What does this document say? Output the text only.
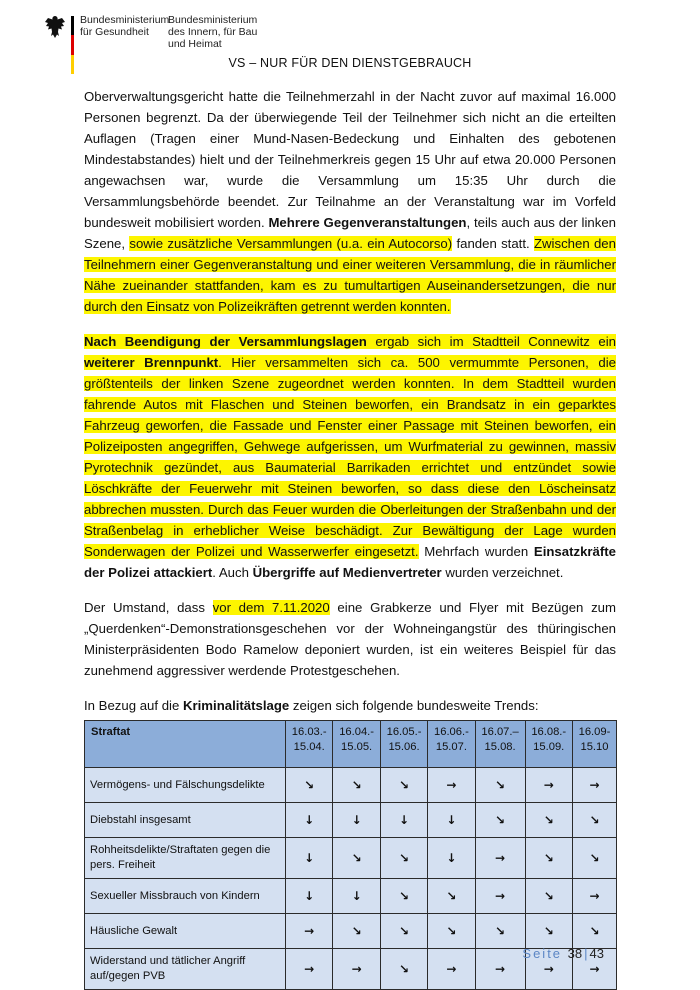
Bundesministerium
für Gesundheit
Bundesministerium
des Innern, für Bau
und Heimat
VS – NUR FÜR DEN DIENSTGEBRAUCH

Oberverwaltungsgericht hatte die Teilnehmerzahl in der Nacht zuvor auf maximal 16.000 Personen begrenzt. Da der überwiegende Teil der Teilnehmer sich nicht an die erteilten Auflagen (Tragen einer Mund-Nasen-Bedeckung und Einhalten des gebotenen Mindestabstandes) hielt und der Teilnehmerkreis gegen 15 Uhr auf etwa 20.000 Personen angewachsen war, wurde die Versammlung um 15:35 Uhr durch die Versammlungsbehörde beendet. Zur Teilnahme an der Veranstaltung war im Vorfeld bundesweit mobilisiert worden. Mehrere Gegenveranstaltungen, teils auch aus der linken Szene, sowie zusätzliche Versammlungen (u.a. ein Autocorso) fanden statt. Zwischen den Teilnehmern einer Gegenveranstaltung und einer weiteren Versammlung, die in räumlicher Nähe zueinander stattfanden, kam es zu tumultartigen Auseinandersetzungen, die nur durch den Einsatz von Polizeikräften getrennt werden konnten.

Nach Beendigung der Versammlungslagen ergab sich im Stadtteil Connewitz ein weiterer Brennpunkt. Hier versammelten sich ca. 500 vermummte Personen, die größtenteils der linken Szene zugeordnet werden konnten. In dem Stadtteil wurden fahrende Autos mit Flaschen und Steinen beworfen, ein Brandsatz in ein geparktes Fahrzeug geworfen, die Fassade und Fenster einer Passage mit Steinen beworfen, ein Polizeiposten angegriffen, Gehwege aufgerissen, um Wurfmaterial zu gewinnen, massiv Pyrotechnik gezündet, aus Baumaterial Barrikaden errichtet und entzündet sowie Löschkräfte der Feuerwehr mit Steinen beworfen, so dass diese den Löscheinsatz abbrechen mussten. Durch das Feuer wurden die Oberleitungen der Straßenbahn und der Straßenbelag in erheblicher Weise beschädigt. Zur Bewältigung der Lage wurden Sonderwagen der Polizei und Wasserwerfer eingesetzt. Mehrfach wurden Einsatzkräfte der Polizei attackiert. Auch Übergriffe auf Medienvertreter wurden verzeichnet.

Der Umstand, dass vor dem 7.11.2020 eine Grabkerze und Flyer mit Bezügen zum „Querdenken“-Demonstrationsgeschehen vor der Wohneingangstür des thüringischen Ministerpräsidenten Bodo Ramelow deponiert wurden, ist ein weiteres Beispiel für das zunehmend aggressiver werdende Protestgeschehen.

In Bezug auf die Kriminalitätslage zeigen sich folgende bundesweite Trends:

Straftat	16.03.- 15.04.	16.04.- 15.05.	16.05.- 15.06.	16.06.- 15.07.	16.07.– 15.08.	16.08.- 15.09.	16.09- 15.10
Vermögens- und Fälschungsdelikte	↘	↘	↘	→	↘	→	→
Diebstahl insgesamt	↓	↓	↓	↓	↘	↘	↘
Rohheitsdelikte/Straftaten gegen die pers. Freiheit	↓	↘	↘	↓	→	↘	↘
Sexueller Missbrauch von Kindern	↓	↓	↘	↘	→	↘	→
Häusliche Gewalt	→	↘	↘	↘	↘	↘	↘
Widerstand und tätlicher Angriff auf/gegen PVB	→	→	↘	→	→	→	→
Seite 38 | 43
